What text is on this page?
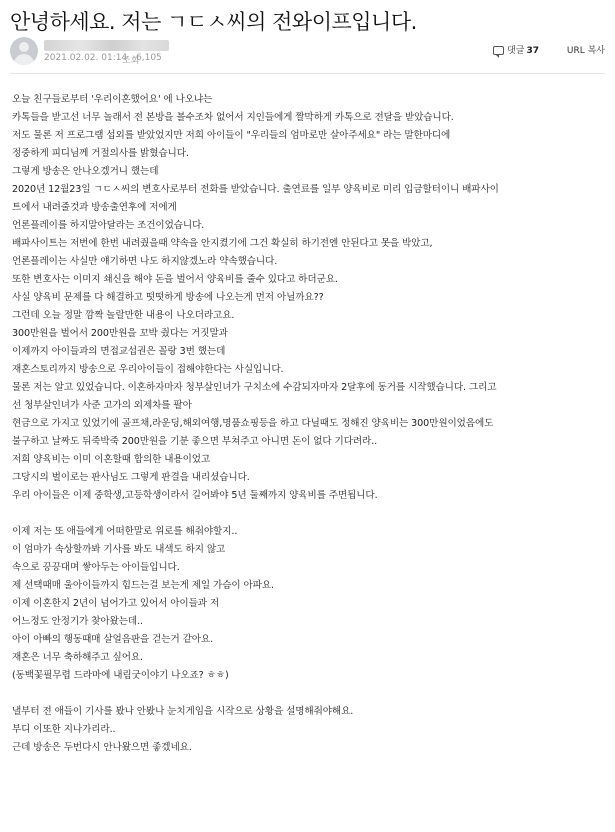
안녕하세요. 저는 ㄱㄷㅅ씨의 전와이프입니다.
2021.02.02. 01:14
조회
6,105
댓글 37	URL 복사
오늘 친구들로부터 '우리이혼했어요' 에 나오냐는
카톡들을 받고선 너무 놀래서 전 본방을 볼수조차 없어서 지인들에게 짤막하게 카톡으로 전달을 받았습니다.
저도 물론 저 프로그램 섭외를 받았었지만 저희 아이들이 "우리들의 엄마로만 살아주세요" 라는 말한마디에
정중하게 피디님께 거절의사를 밝혔습니다.
그렇게 방송은 안나오겠거니 했는데
2020년 12월23일 ㄱㄷㅅ씨의 변호사로부터 전화를 받았습니다. 출연료를 일부 양육비로 미리 입금할터이니 배파사이
트에서 내려줄것과 방송출연후에 저에게
언론플레이를 하지말아달라는 조건이었습니다.
배파사이트는 저번에 한번 내려줬을때 약속을 안지켰기에 그건 확실히 하기전엔 안된다고 못을 박았고,
언론플레이는 사실만 얘기하면 나도 하지않겠노라 약속했습니다.
또한 변호사는 이미지 쇄신을 해야 돈을 벌어서 양육비를 줄수 있다고 하더군요.
사실 양육비 문제를 다 해결하고 떳떳하게 방송에 나오는게 먼저 아닐까요??
그런데 오늘 정말 깜짝 놀랄만한 내용이 나오더라고요.
300만원을 벌어서 200만원을 꼬박 줬다는 거짓말과
이제까지 아이들과의 면접교섭권은 꼴랑 3번 했는데
재혼스토리까지 방송으로 우리아이들이 접해야한다는 사실입니다.
물론 저는 알고 있었습니다. 이혼하자마자 청부살인녀가 구치소에 수감되자마자 2달후에 동거를 시작했습니다. 그리고
선 청부살인녀가 사준 고가의 외제차를 팔아
현금으로 가지고 있었기에 골프채,라운딩,해외여행,명품쇼핑등을 하고 다닐때도 정해진 양육비는 300만원이었음에도
불구하고 날짜도 뒤죽박죽 200만원을 기분 좋으면 부쳐주고 아니면 돈이 없다 기다려라..
저희 양육비는 이미 이혼할때 합의한 내용이었고
그당시의 벌이로는 판사님도 그렇게 판결을 내리셨습니다.
우리 아이들은 이제 중학생,고등학생이라서 길어봐야 5년 둘째까지 양육비를 주면됩니다.
이제 저는 또 애들에게 어떠한말로 위로를 해줘야할지..
이 엄마가 속상할까봐 기사를 봐도 내색도 하지 않고
속으로 끙끙대며 쌓아두는 아이들입니다.
제 선택때매 울아이들까지 힘드는걸 보는게 제일 가슴이 아파요.
이제 이혼한지 2년이 넘어가고 있어서 아이들과 저
어느정도 안정기가 찾아왔는데..
아이 아빠의 행동때매 살얼음판을 걷는거 같아요.
재혼은 너무 축하해주고 싶어요.
(동백꽃필무렵 드라마에 내림굿이야기 나오죠? ㅎㅎ)
낼부터 전 애들이 기사를 봤나 안봤나 눈치게임을 시작으로 상황을 설명해줘야해요.
부디 이또한 지나가리라..
근데 방송은 두번다시 안나왔으면 좋겠네요.
